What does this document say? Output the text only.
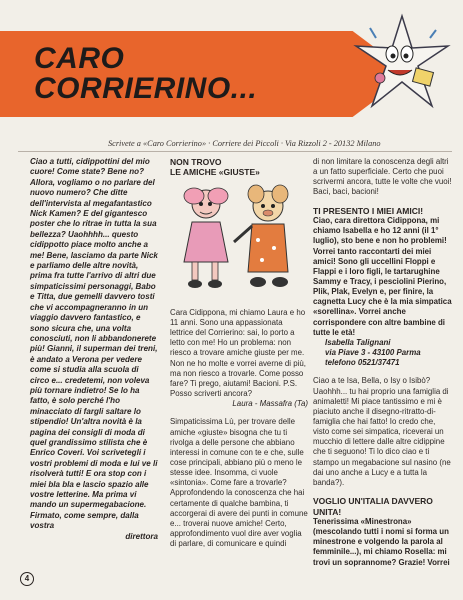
CARO
CORRIERINO...
Scrivete a «Caro Corrierino» · Corriere dei Piccoli · Via Rizzoli 2 - 20132 Milano

Ciao a tutti, cidippottini del mio cuore! Come state? Bene no? Allora, vogliamo o no parlare del nuovo numero? Che ditte dell'intervista al megafantastico Nick Kamen? E del gigantesco poster che lo ritrae in tutta la sua bellezza? Uaohhhh... questo cidippotto piace molto anche a me! Bene, lasciamo da parte Nick e parliamo delle altre novità, prima fra tutte l'arrivo di altri due simpaticissimi personaggi, Babo e Titta, due gemelli davvero tosti che vi accompagneranno in un viaggio davvero fantastico, e sono sicura che, una volta conosciuti, non li abbandonerete più! Gianni, il superman dei treni, è andato a Verona per vedere come si studia alla scuola di circo e... credetemi, non voleva più tornare indietro! Se lo ha fatto, è solo perché l'ho minacciato di fargli saltare lo stipendio! Un'altra novità è la pagina dei consigli di moda di quel grandissimo stilista che è Enrico Coveri. Voi scrivetegli i vostri problemi di moda e lui ve li risolverà tutti! E ora stop con i miei bla bla e lascio spazio alle vostre letterine. Ma prima vi mando un supermegabacione. Firmato, come sempre, dalla vostra

direttora

NON TROVO

LE AMICHE «GIUSTE»

Cara Cidippona, mi chiamo Laura e ho 11 anni. Sono una appassionata lettrice del Corrierino: sai, lo porto a letto con me! Ho un problema: non riesco a trovare amiche giuste per me. Non ne ho molte e vorrei averne di più, ma non riesco a trovarle. Come posso fare? Ti prego, aiutami! Bacioni. P.S. Posso scriverti ancora?

Laura - Massafra (Ta)

Simpaticissima Lù, per trovare delle amiche «giuste» bisogna che tu ti rivolga a delle persone che abbiano interessi in comune con te e che, sulle cose principali, abbiano più o meno le stesse idee. Insomma, ci vuole «sintonia». Come fare a trovarle? Approfondendo la conoscenza che hai certamente di qualche bambina, ti accorgerai di avere dei punti in comune e... troverai nuove amiche! Certo, approfondimento vuol dire aver voglia di parlare, di comunicare e quindi

di non limitare la conoscenza degli altri a un fatto superficiale. Certo che puoi scrivermi ancora, tutte le volte che vuoi! Baci, baci, bacioni!

TI PRESENTO I MIEI AMICI!

Ciao, cara direttora Cidippona, mi chiamo Isabella e ho 12 anni (il 1° luglio), sto bene e non ho problemi! Vorrei tanto raccontarti dei miei amici! Sono gli uccellini Floppi e Flappi e i loro figli, le tartarughine Sammy e Tracy, i pesciolini Pierino, Plik, Plak, Evelyn e, per finire, la cagnetta Lucy che è la mia simpatica «sorellina». Vorrei anche corrispondere con altre bambine di tutte le età!

Isabella Talignani

via Piave 3 - 43100 Parma

telefono 0521/37471

Ciao a te Isa, Bella, o Isy o Isibò? Uaohhh... tu hai proprio una famiglia di animaletti! Mi piace tantissimo e mi è piaciuto anche il disegno-ritratto-di-famiglia che hai fatto! Io credo che, visto come sei simpatica, riceverai un mucchio di lettere dalle altre cidippine che ti seguono! Ti lo dico ciao e ti stampo un megabacione sul nasino (ne dai uno anche a Lucy e a tutta la banda?).

VOGLIO UN'ITALIA DAVVERO UNITA!

Tenerissima «Minestrona» (mescolando tutti i nomi si forma un minestrone e volgendo la parola al femminile...), mi chiamo Rosella: mi trovi un soprannome? Grazie! Vorrei

4
